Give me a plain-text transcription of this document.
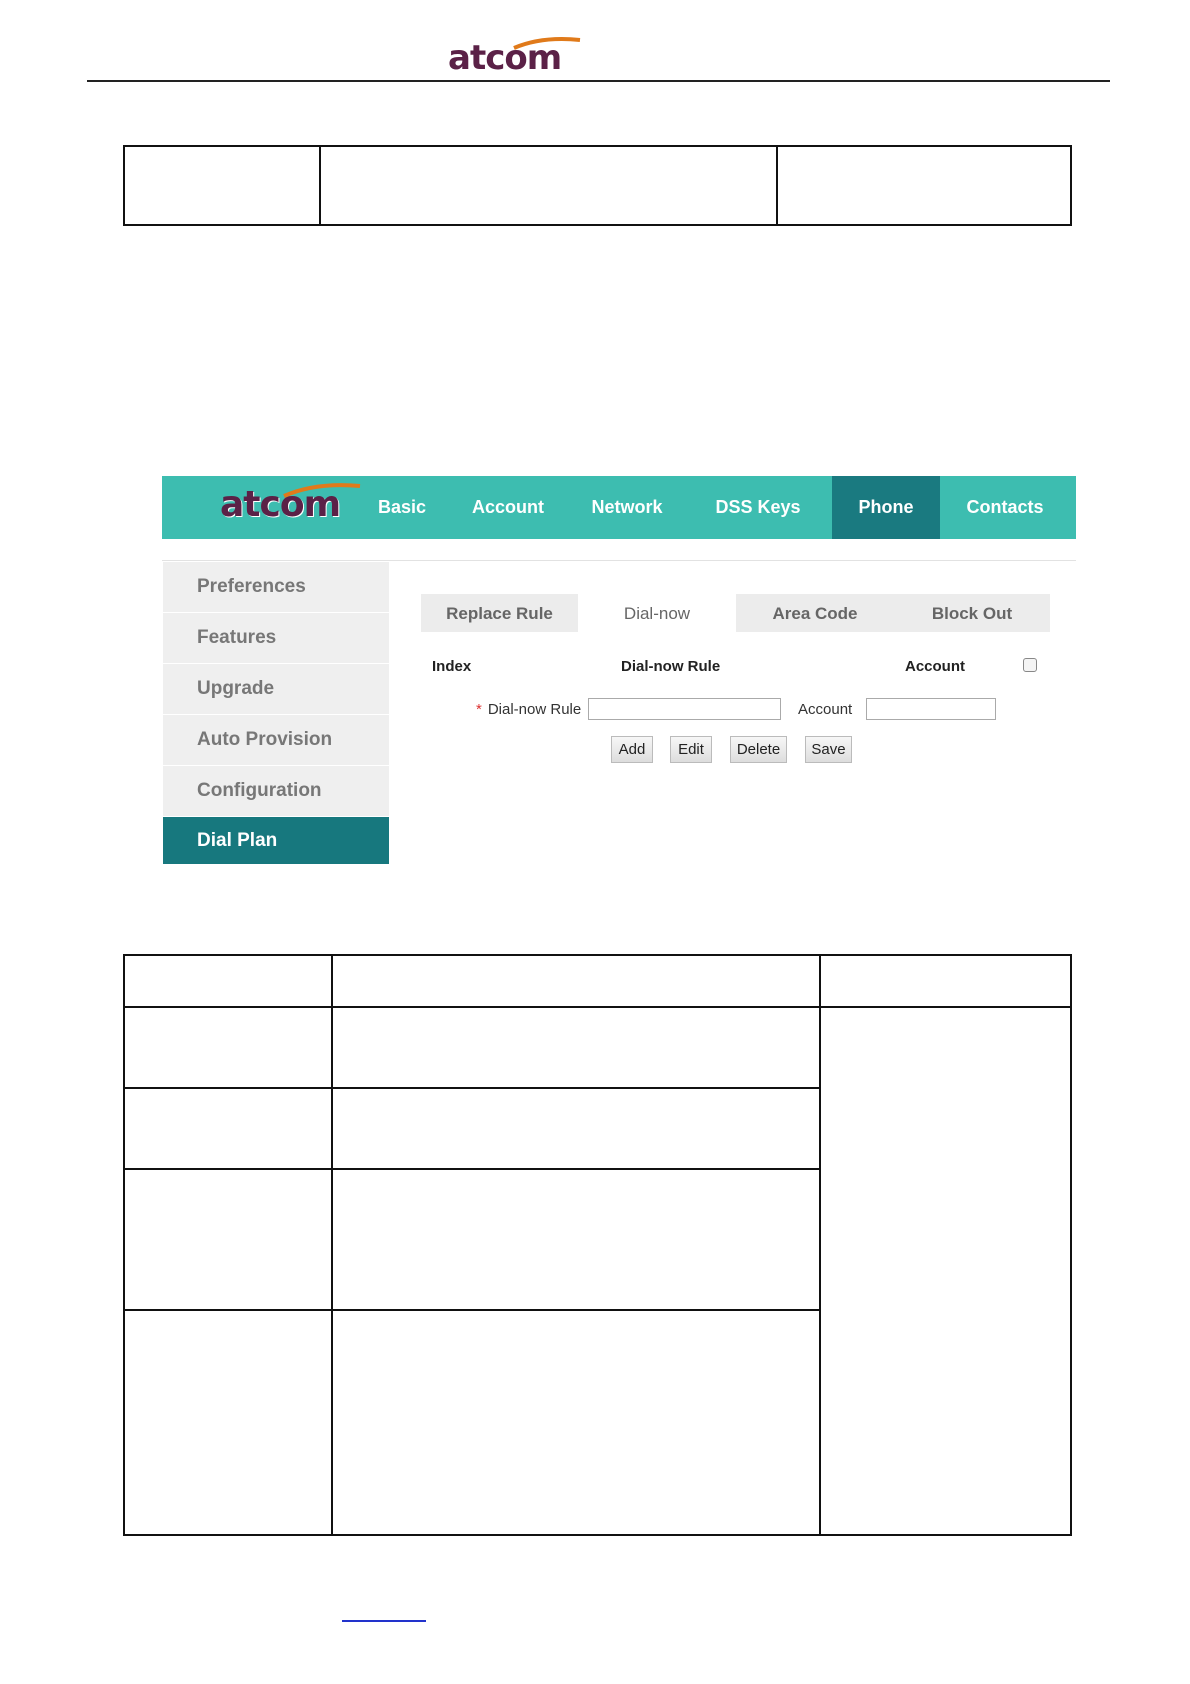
atcom
atcom	Basic	Account	Network	DSS Keys	Phone	Contacts
Preferences
Features
Upgrade
Auto Provision
Configuration
Dial Plan
Replace Rule	Dial-now	Area Code	Block Out
Index	Dial-now Rule	Account
* Dial-now Rule	Account
Add	Edit	Delete	Save
